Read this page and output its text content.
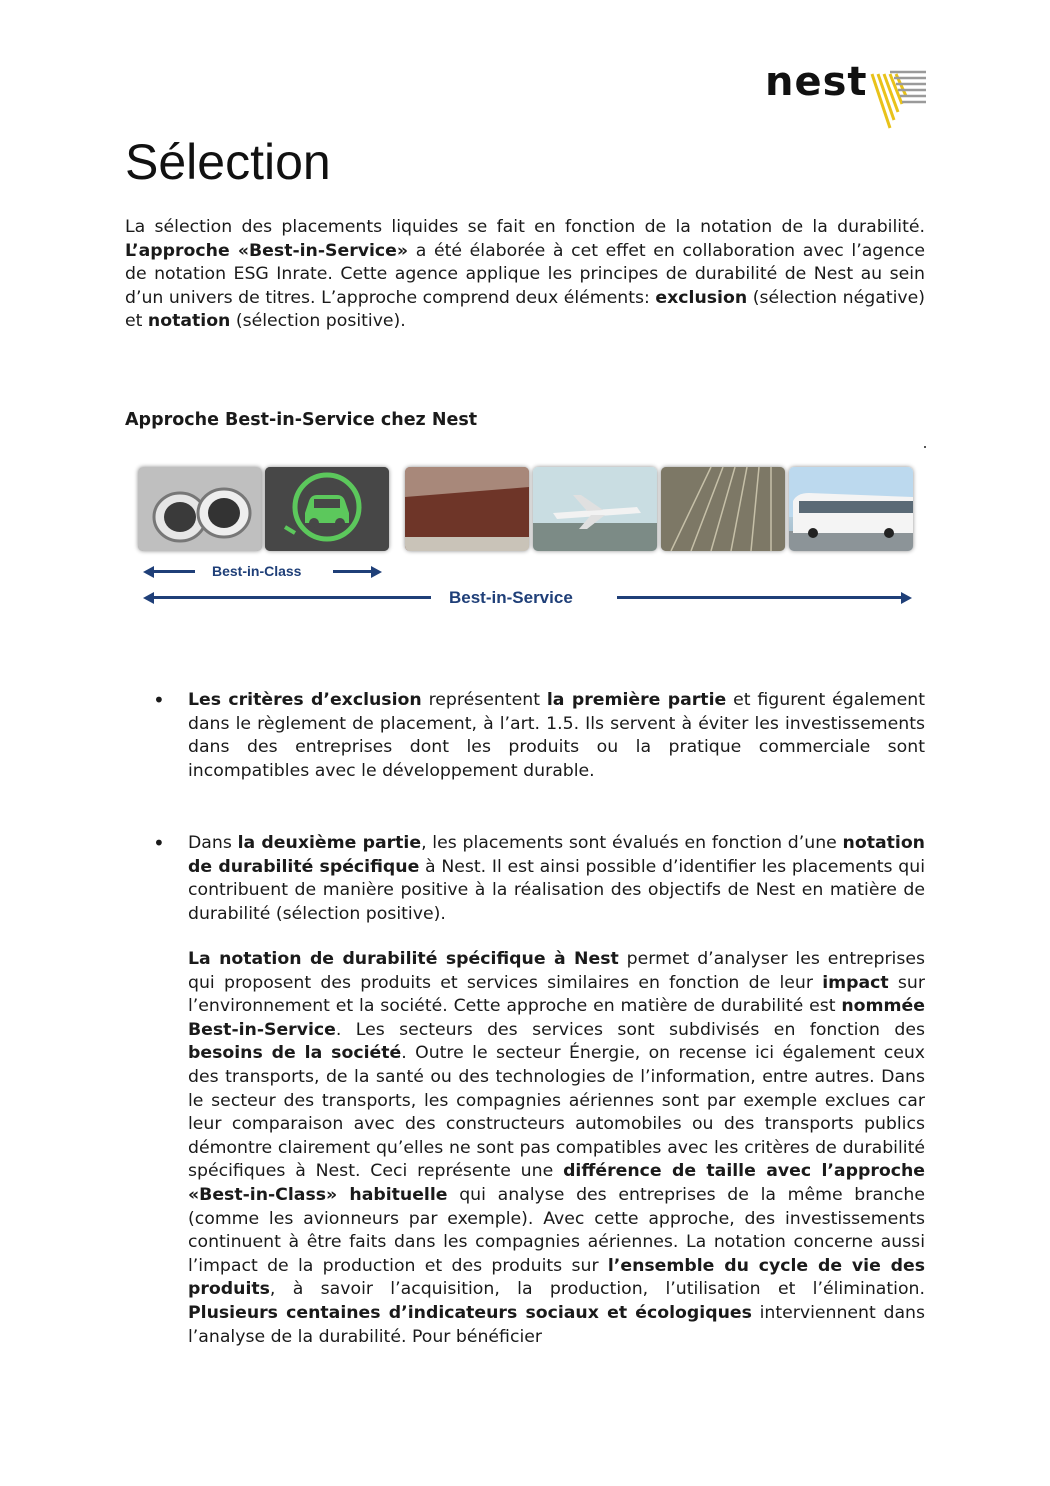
nest
Sélection

La sélection des placements liquides se fait en fonction de la notation de la durabilité. L’approche «Best-in-Service» a été élaborée à cet effet en collaboration avec l’agence de notation ESG Inrate. Cette agence applique les principes de durabilité de Nest au sein d’un univers de titres. L’approche comprend deux éléments: exclusion (sélection négative) et notation (sélection positive).

Approche Best-in-Service chez Nest
Best-in-Class
Best-in-Service
• Les critères d’exclusion représentent la première partie et figurent également dans le règlement de placement, à l’art. 1.5. Ils servent à éviter les investissements dans des entreprises dont les produits ou la pratique commerciale sont incompatibles avec le développement durable.

• Dans la deuxième partie, les placements sont évalués en fonction d’une notation de durabilité spécifique à Nest. Il est ainsi possible d’identifier les placements qui contribuent de manière positive à la réalisation des objectifs de Nest en matière de durabilité (sélection positive).

La notation de durabilité spécifique à Nest permet d’analyser les entreprises qui proposent des produits et services similaires en fonction de leur impact sur l’environnement et la société. Cette approche en matière de durabilité est nommée Best-in-Service. Les secteurs des services sont subdivisés en fonction des besoins de la société. Outre le secteur Énergie, on recense ici également ceux des transports, de la santé ou des technologies de l’information, entre autres. Dans le secteur des transports, les compagnies aériennes sont par exemple exclues car leur comparaison avec des constructeurs automobiles ou des transports publics démontre clairement qu’elles ne sont pas compatibles avec les critères de durabilité spécifiques à Nest. Ceci représente une différence de taille avec l’approche «Best-in-Class» habituelle qui analyse des entreprises de la même branche (comme les avionneurs par exemple). Avec cette approche, des investissements continuent à être faits dans les compagnies aériennes. La notation concerne aussi l’impact de la production et des produits sur l’ensemble du cycle de vie des produits, à savoir l’acquisition, la production, l’utilisation et l’élimination. Plusieurs centaines d’indicateurs sociaux et écologiques interviennent dans l’analyse de la durabilité. Pour bénéficier
